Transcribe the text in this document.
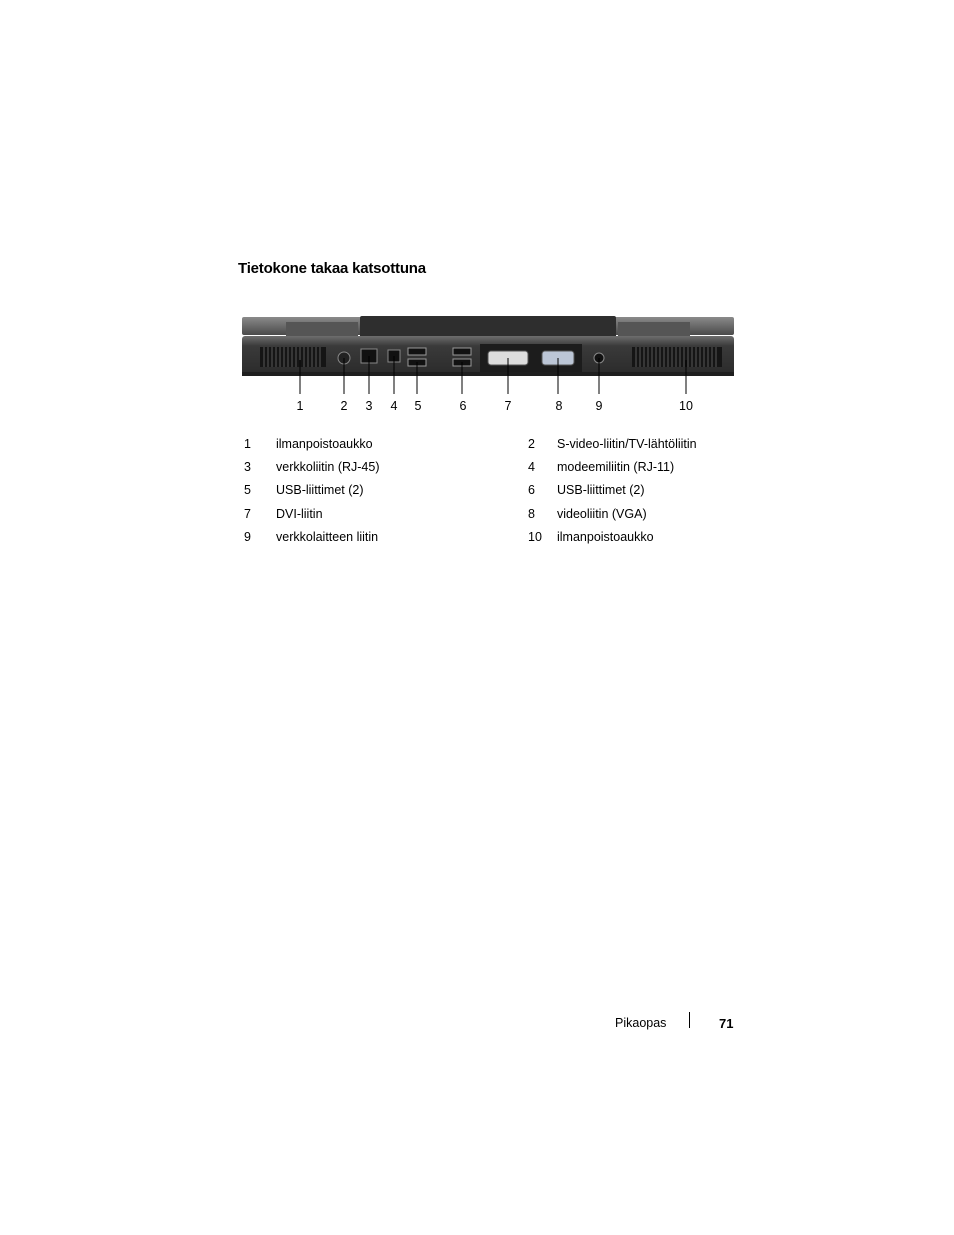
Tietokone takaa katsottuna
1	2 3 4 5	6	7	8	9	10
1	ilmanpoistoaukko	2	S-video-liitin/TV-lähtöliitin
3	verkkoliitin (RJ-45)	4	modeemiliitin (RJ-11)
5	USB-liittimet (2)	6	USB-liittimet (2)
7	DVI-liitin	8	videoliitin (VGA)
9	verkkolaitteen liitin	10	ilmanpoistoaukko
Pikaopas	71
